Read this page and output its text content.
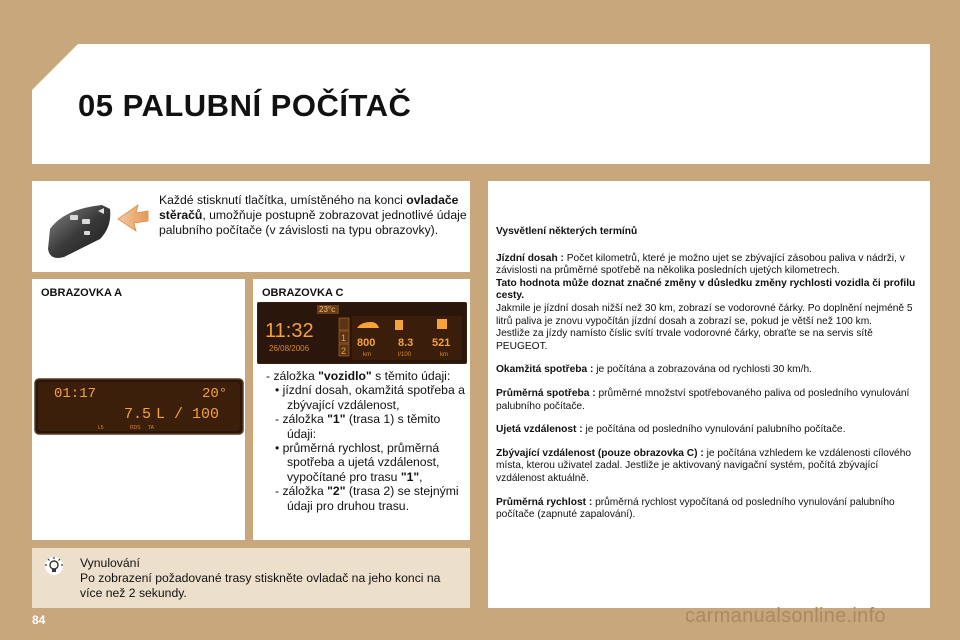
05 PALUBNÍ POČÍTAČ
Každé stisknutí tlačítka, umístěného na konci ovladače stěračů, umožňuje postupně zobrazovat jednotlivé údaje palubního počítače (v závislosti na typu obrazovky).
OBRAZOVKA A
01:17	20°
7.5 L / 100
L5	RDS TA
OBRAZOVKA C
23°c
11:32
26/08/2006
1
2
800 8.3 521
km	l/100	km
- záložka "vozidlo" s těmito údaji:
• jízdní dosah, okamžitá spotřeba a zbývající vzdálenost,
- záložka "1" (trasa 1) s těmito údaji:
• průměrná rychlost, průměrná spotřeba a ujetá vzdálenost, vypočítané pro trasu "1",
- záložka "2" (trasa 2) se stejnými údaji pro druhou trasu.
Vynulování
Po zobrazení požadované trasy stiskněte ovladač na jeho konci na více než 2 sekundy.

Vysvětlení některých termínů

Jízdní dosah : Počet kilometrů, které je možno ujet se zbývající zásobou paliva v nádrži, v závislosti na průměrné spotřebě na několika posledních ujetých kilometrech.

Tato hodnota může doznat značné změny v důsledku změny rychlosti vozidla či profilu cesty.

Jakmile je jízdní dosah nižší než 30 km, zobrazí se vodorovné čárky. Po doplnění nejméně 5 litrů paliva je znovu vypočítán jízdní dosah a zobrazí se, pokud je větší než 100 km.

Jestliže za jízdy namísto číslic svítí trvale vodorovné čárky, obraťte se na servis sítě PEUGEOT.

Okamžitá spotřeba : je počítána a zobrazována od rychlosti 30 km/h.

Průměrná spotřeba : průměrné množství spotřebovaného paliva od posledního vynulování palubního počítače.

Ujetá vzdálenost : je počítána od posledního vynulování palubního počítače.

Zbývající vzdálenost (pouze obrazovka C) : je počítána vzhledem ke vzdálenosti cílového místa, kterou uživatel zadal. Jestliže je aktivovaný navigační systém, počítá zbývající vzdálenost aktuálně.

Průměrná rychlost : průměrná rychlost vypočítaná od posledního vynulování palubního počítače (zapnuté zapalování).

84	carmanualsonline.info
